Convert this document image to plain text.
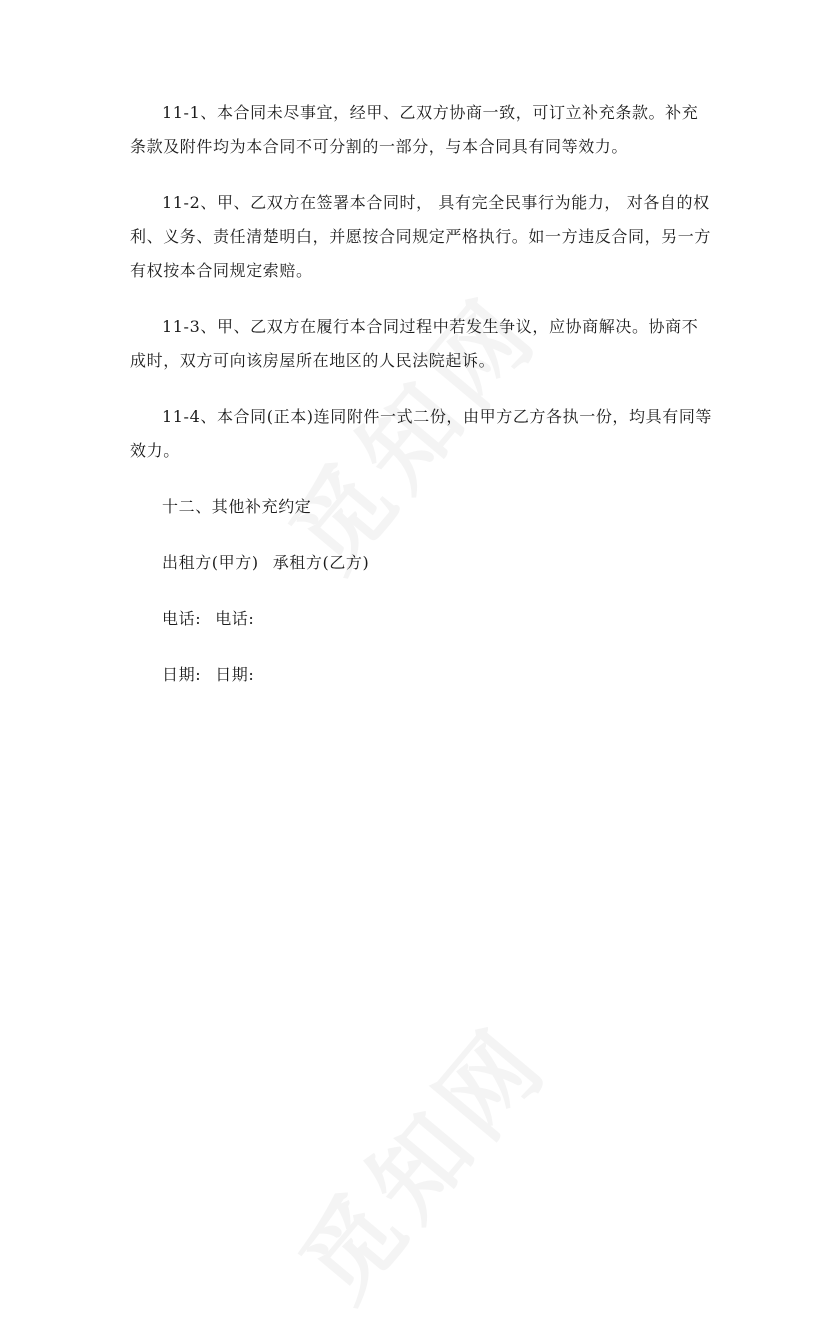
11-1、本合同未尽事宜，经甲、乙双方协商一致，可订立补充条款。补充条款及附件均为本合同不可分割的一部分，与本合同具有同等效力。

11-2、甲、乙双方在签署本合同时， 具有完全民事行为能力， 对各自的权利、义务、责任清楚明白，并愿按合同规定严格执行。如一方违反合同，另一方有权按本合同规定索赔。

11-3、甲、乙双方在履行本合同过程中若发生争议，应协商解决。协商不成时，双方可向该房屋所在地区的人民法院起诉。

11-4、本合同(正本)连同附件一式二份，由甲方乙方各执一份，均具有同等效力。

十二、其他补充约定

出租方(甲方) 承租方(乙方)

电话: 电话:

日期: 日期:
